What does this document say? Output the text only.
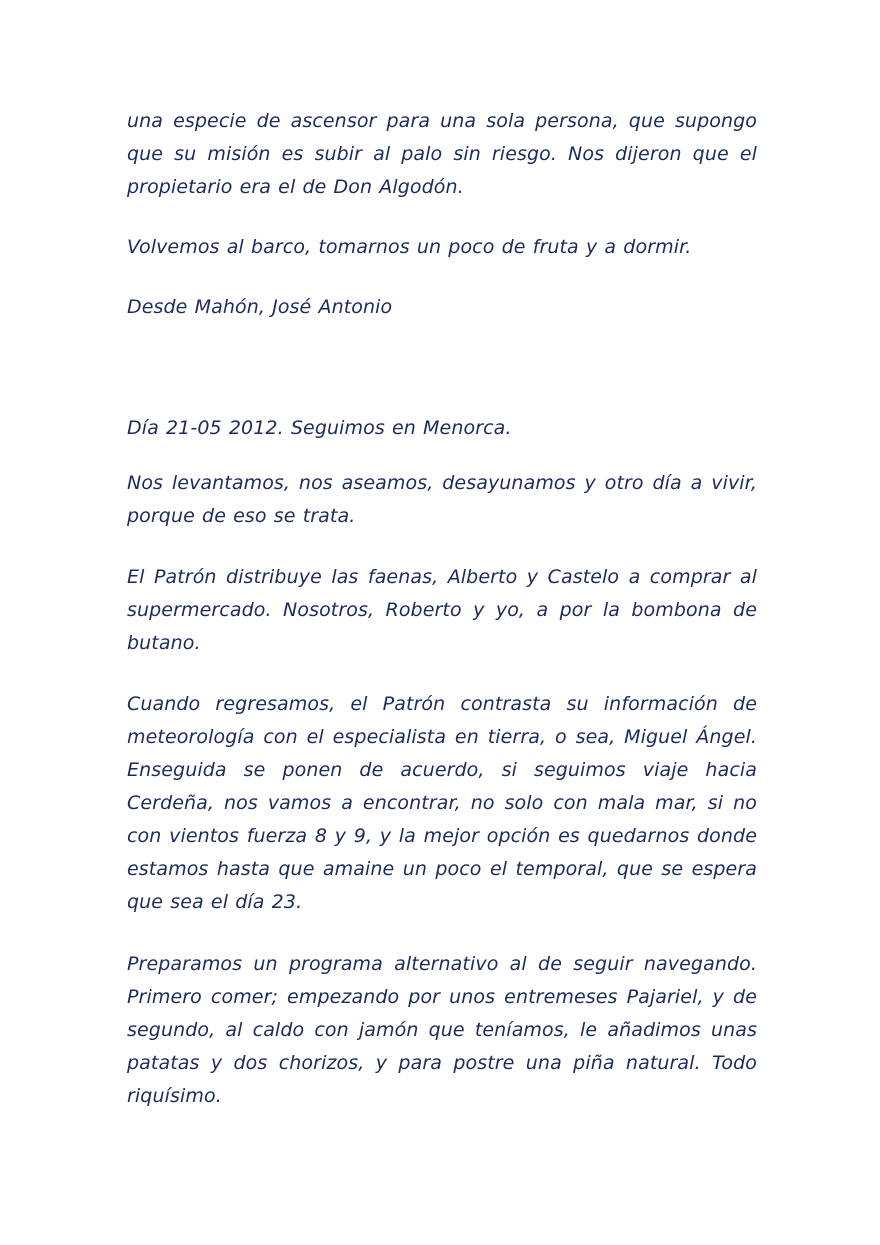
una especie de ascensor para una sola persona, que supongo que su misión es subir al palo sin riesgo. Nos dijeron que el propietario era el de Don Algodón.

Volvemos al barco, tomarnos un poco de fruta y a dormir.

Desde Mahón, José Antonio

Día 21-05 2012. Seguimos en Menorca.

Nos levantamos, nos aseamos, desayunamos y otro día a vivir, porque de eso se trata.

El Patrón distribuye las faenas, Alberto y Castelo a comprar al supermercado. Nosotros, Roberto y yo, a por la bombona de butano.

Cuando regresamos, el Patrón contrasta su información de meteorología con el especialista en tierra, o sea, Miguel Ángel. Enseguida se ponen de acuerdo, si seguimos viaje hacia Cerdeña, nos vamos a encontrar, no solo con mala mar, si no con vientos fuerza 8 y 9, y la mejor opción es quedarnos donde estamos hasta que amaine un poco el temporal, que se espera que sea el día 23.

Preparamos un programa alternativo al de seguir navegando. Primero comer; empezando por unos entremeses Pajariel, y de segundo, al caldo con jamón que teníamos, le añadimos unas patatas y dos chorizos, y para postre una piña natural. Todo riquísimo.
